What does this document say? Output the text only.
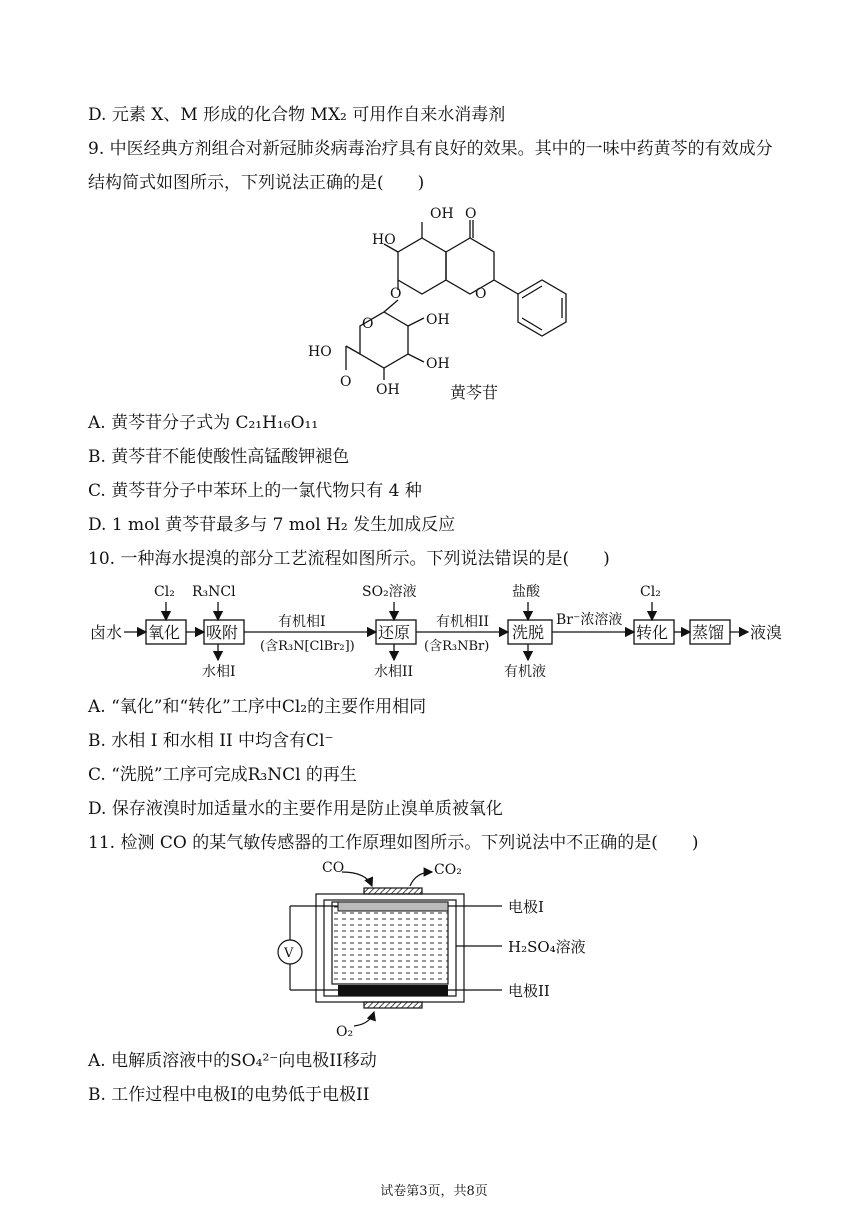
D. 元素 X、M 形成的化合物 MX₂ 可用作自来水消毒剂
9. 中医经典方剂组合对新冠肺炎病毒治疗具有良好的效果。其中的一味中药黄芩的有效成分结构简式如图所示，下列说法正确的是(　　)
OH O
HO
O	O
O	OH
HO
OH
O OH	黄芩苷
A. 黄芩苷分子式为 C₂₁H₁₆O₁₁
B. 黄芩苷不能使酸性高锰酸钾褪色
C. 黄芩苷分子中苯环上的一氯代物只有 4 种
D. 1 mol 黄芩苷最多与 7 mol H₂ 发生加成反应
10. 一种海水提溴的部分工艺流程如图所示。下列说法错误的是(　　)
卤水 氧化 吸附	还原	洗脱	转化 蒸馏 液溴
Cl₂ R₃NCl	SO₂溶液	盐酸	Cl₂
水相I	水相II	有机液
有机相I
(含R₃N[ClBr₂])
有机相II
(含R₃NBr)
Br⁻浓溶液
A. “氧化”和“转化”工序中Cl₂的主要作用相同
B. 水相 I 和水相 II 中均含有Cl⁻
C. “洗脱”工序可完成R₃NCl 的再生
D. 保存液溴时加适量水的主要作用是防止溴单质被氧化
11. 检测 CO 的某气敏传感器的工作原理如图所示。下列说法中不正确的是(　　)
V
CO	CO₂
O₂
电极I
H₂SO₄溶液
电极II
A. 电解质溶液中的SO₄²⁻向电极II移动
B. 工作过程中电极I的电势低于电极II
试卷第3页，共8页
